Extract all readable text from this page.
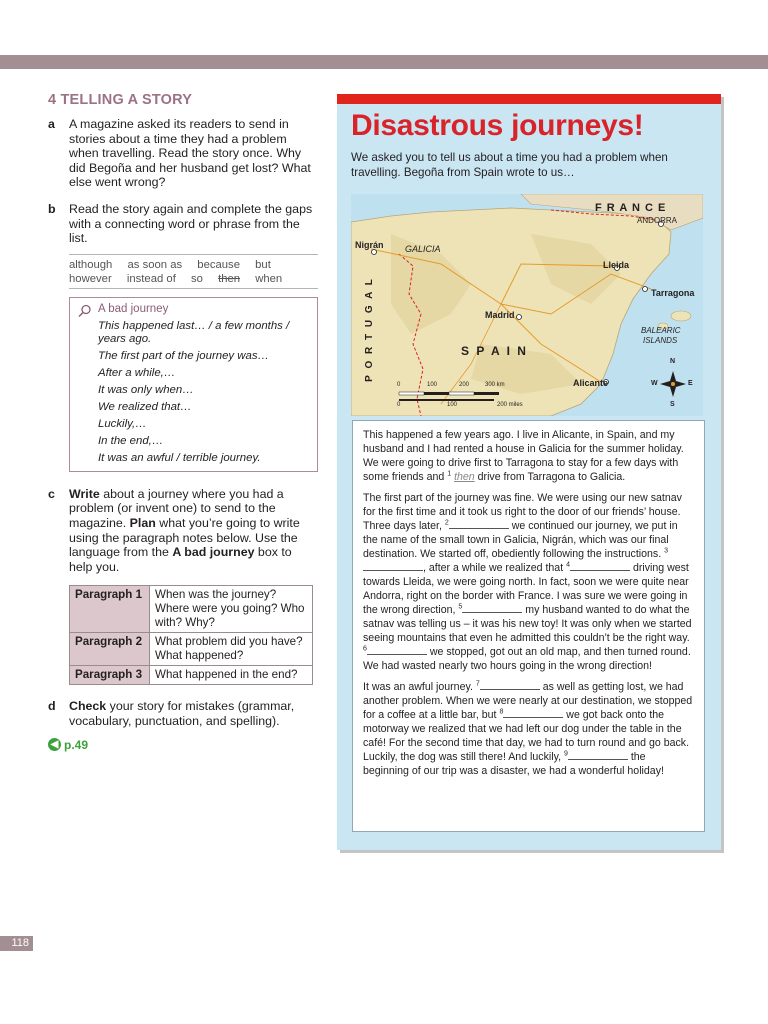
4 TELLING A STORY
a A magazine asked its readers to send in stories about a time they had a problem when travelling. Read the story once. Why did Begoña and her husband get lost? What else went wrong?
b Read the story again and complete the gaps with a connecting word or phrase from the list.
although as soon as because but
however instead of so then when
A bad journey
This happened last… / a few months / years ago.
The first part of the journey was…
After a while,…
It was only when…
We realized that…
Luckily,…
In the end,…
It was an awful / terrible journey.
c Write about a journey where you had a problem (or invent one) to send to the magazine. Plan what you’re going to write using the paragraph notes below. Use the language from the A bad journey box to help you.
Paragraph 1	When was the journey? Where were you going? Who with? Why?
Paragraph 2	What problem did you have? What happened?
Paragraph 3	What happened in the end?
d Check your story for mistakes (grammar, vocabulary, punctuation, and spelling).
◀ p.49
118
Disastrous journeys!
We asked you to tell us about a time you had a problem when travelling. Begoña from Spain wrote to us…
F R A N C E
ANDORRA
Nigrán GALICIA
Lleida
Tarragona
Madrid
P O R T U G A L	S P A I N
BALEARIC
ISLANDS
Alicante
0	100	200	300 km
0	100	200 miles
N
S
E
W

This happened a few years ago. I live in Alicante, in Spain, and my husband and I had rented a house in Galicia for the summer holiday. We were going to drive first to Tarragona to stay for a few days with some friends and $^1$ then drive from Tarragona to Galicia.

The first part of the journey was fine. We were using our new satnav for the first time and it took us right to the door of our friends’ house. Three days later, $^2$	we continued our journey, we put in the name of the small town in Galicia, Nigrán, which was our final destination. We started off, obediently following the instructions. $^3$, after a while we realized that $^4$	driving west towards Lleida, we were going north. In fact, soon we were quite near Andorra, right on the border with France. I was sure we were going in the wrong direction, $^5$	my husband wanted to do what the satnav was telling us – it was his new toy! It was only when we started seeing mountains that even he admitted this couldn’t be the right way. $^6$	we stopped, got out an old map, and then turned round. We had wasted nearly two hours going in the wrong direction!

It was an awful journey. $^7$	as well as getting lost, we had another problem. When we were nearly at our destination, we stopped for a coffee at a little bar, but $^8$	we got back onto the motorway we realized that we had left our dog under the table in the café! For the second time that day, we had to turn round and go back. Luckily, the dog was still there! And luckily, $^9$	the beginning of our trip was a disaster, we had a wonderful holiday!
